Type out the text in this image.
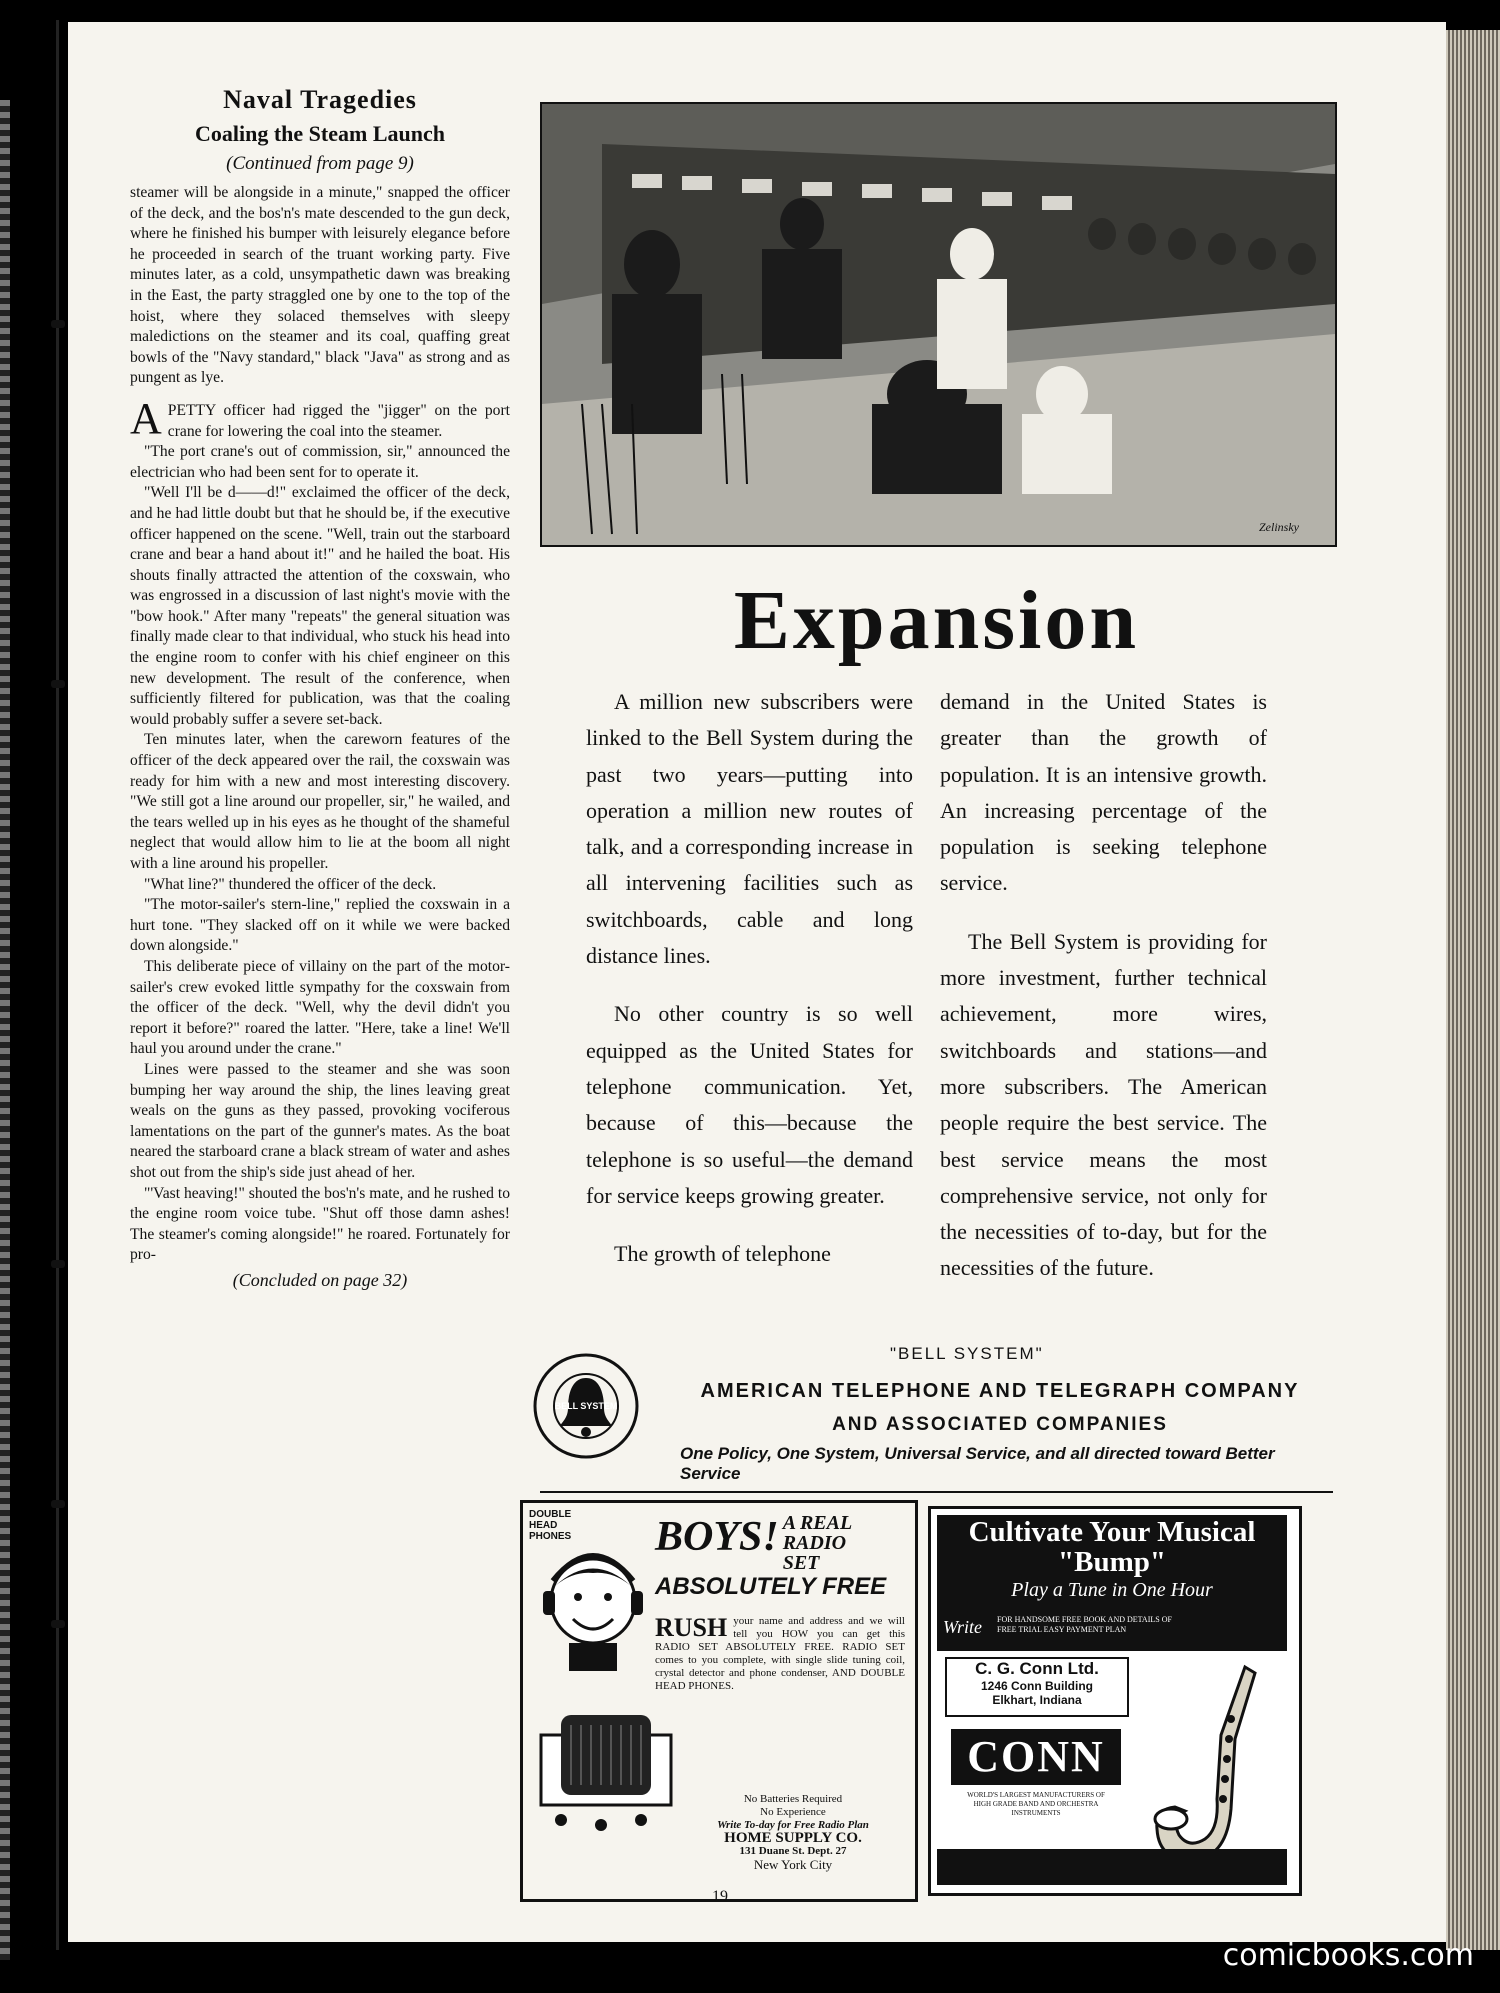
Naval Tragedies
Coaling the Steam Launch
(Continued from page 9)

steamer will be alongside in a minute," snapped the officer of the deck, and the bos'n's mate descended to the gun deck, where he finished his bumper with leisurely elegance before he proceeded in search of the truant working party. Five minutes later, as a cold, unsympathetic dawn was breaking in the East, the party straggled one by one to the top of the hoist, where they solaced themselves with sleepy maledictions on the steamer and its coal, quaffing great bowls of the "Navy standard," black "Java" as strong and as pungent as lye.

APETTY officer had rigged the "jigger" on the port crane for lowering the coal into the steamer.

"The port crane's out of commission, sir," announced the electrician who had been sent for to operate it.

"Well I'll be d——d!" exclaimed the officer of the deck, and he had little doubt but that he should be, if the executive officer happened on the scene. "Well, train out the starboard crane and bear a hand about it!" and he hailed the boat. His shouts finally attracted the attention of the coxswain, who was engrossed in a discussion of last night's movie with the "bow hook." After many "repeats" the general situation was finally made clear to that individual, who stuck his head into the engine room to confer with his chief engineer on this new development. The result of the conference, when sufficiently filtered for publication, was that the coaling would probably suffer a severe set-back.

Ten minutes later, when the careworn features of the officer of the deck appeared over the rail, the coxswain was ready for him with a new and most interesting discovery. "We still got a line around our propeller, sir," he wailed, and the tears welled up in his eyes as he thought of the shameful neglect that would allow him to lie at the boom all night with a line around his propeller.

"What line?" thundered the officer of the deck.

"The motor-sailer's stern-line," replied the coxswain in a hurt tone. "They slacked off on it while we were backed down alongside."

This deliberate piece of villainy on the part of the motor-sailer's crew evoked little sympathy for the coxswain from the officer of the deck. "Well, why the devil didn't you report it before?" roared the latter. "Here, take a line! We'll haul you around under the crane."

Lines were passed to the steamer and she was soon bumping her way around the ship, the lines leaving great weals on the guns as they passed, provoking vociferous lamentations on the part of the gunner's mates. As the boat neared the starboard crane a black stream of water and ashes shot out from the ship's side just ahead of her.

"'Vast heaving!" shouted the bos'n's mate, and he rushed to the engine room voice tube. "Shut off those damn ashes! The steamer's coming alongside!" he roared. Fortunately for pro-

(Concluded on page 32)
Zelinsky
Expansion

A million new subscribers were linked to the Bell System during the past two years—putting into operation a million new routes of talk, and a corresponding increase in all intervening facilities such as switchboards, cable and long distance lines.

No other country is so well equipped as the United States for telephone communication. Yet, because of this—because the telephone is so useful—the demand for service keeps growing greater.

The growth of telephone

demand in the United States is greater than the growth of population. It is an intensive growth. An increasing percentage of the population is seeking telephone service.

The Bell System is providing for more investment, further technical achievement, more wires, switchboards and stations—and more subscribers. The American people require the best service. The best service means the most comprehensive service, not only for the necessities of to-day, but for the necessities of the future.

"BELL SYSTEM"
BELL SYSTEM
AMERICAN TELEPHONE AND TELEGRAPH COMPANY
AND ASSOCIATED COMPANIES

One Policy, One System, Universal Service, and all directed toward Better Service

DOUBLE HEAD PHONES	BOYS! A REAL RADIO SET
ABSOLUTELY FREE
RUSH your name and address and we will tell you HOW you can get this RADIO SET ABSOLUTELY FREE. RADIO SET comes to you complete, with single slide tuning coil, crystal detector and phone condenser, AND DOUBLE HEAD PHONES.
No Batteries Required
No Experience
Write To-day for Free Radio Plan
HOME SUPPLY CO.
131 Duane St. Dept. 27
New York City
Cultivate Your Musical "Bump"
Play a Tune in One Hour
Write FOR HANDSOME FREE BOOK AND DETAILS OF FREE TRIAL EASY PAYMENT PLAN
C. G. Conn Ltd.
1246 Conn Building
Elkhart, Indiana
CONN
WORLD'S LARGEST MANUFACTURERS OF HIGH GRADE BAND AND ORCHESTRA INSTRUMENTS
19
comicbooks.com
